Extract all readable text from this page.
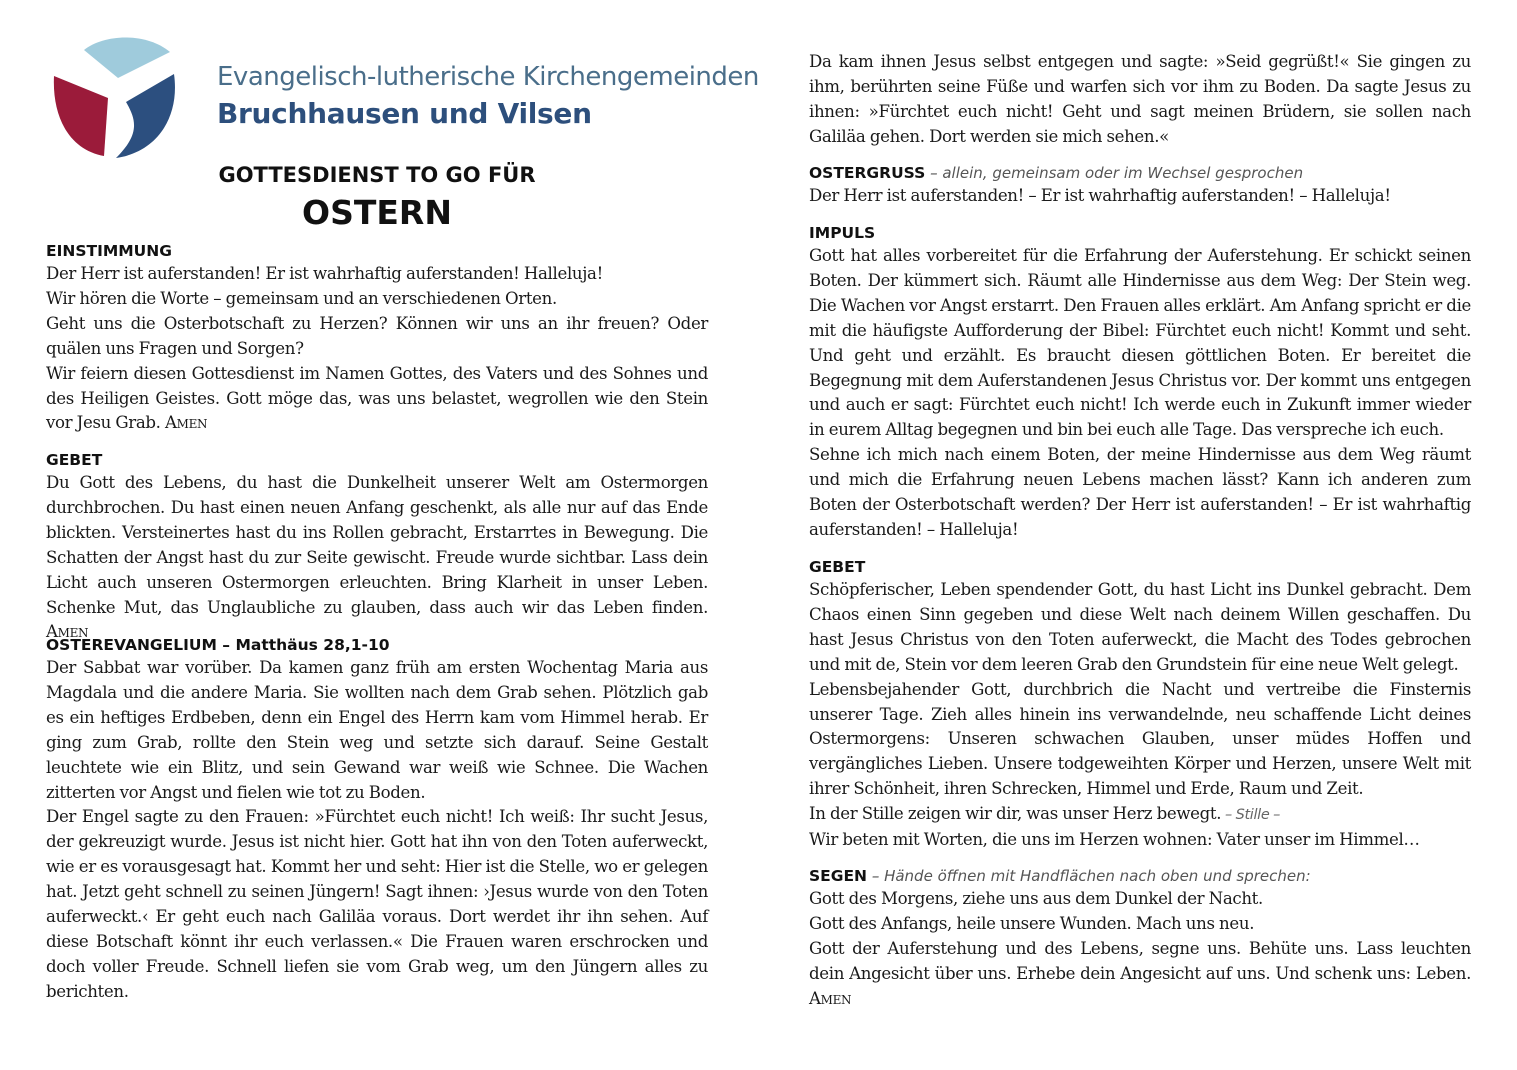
Evangelisch-lutherische Kirchengemeinden
Bruchhausen und Vilsen
GOTTESDIENST TO GO FÜR
OSTERN
EINSTIMMUNG

Der Herr ist auferstanden! Er ist wahrhaftig auferstanden! Halleluja!

Wir hören die Worte – gemeinsam und an verschiedenen Orten.

Geht uns die Osterbotschaft zu Herzen? Können wir uns an ihr freuen? Oder quälen uns Fragen und Sorgen?

Wir feiern diesen Gottesdienst im Namen Gottes, des Vaters und des Sohnes und des Heiligen Geistes. Gott möge das, was uns belastet, wegrollen wie den Stein vor Jesu Grab. Amen

GEBET

Du Gott des Lebens, du hast die Dunkelheit unserer Welt am Ostermorgen durchbrochen. Du hast einen neuen Anfang geschenkt, als alle nur auf das Ende blickten. Versteinertes hast du ins Rollen gebracht, Erstarrtes in Bewegung. Die Schatten der Angst hast du zur Seite gewischt. Freude wurde sichtbar. Lass dein Licht auch unseren Ostermorgen erleuchten. Bring Klarheit in unser Leben. Schenke Mut, das Unglaubliche zu glauben, dass auch wir das Leben finden. Amen

OSTEREVANGELIUM – Matthäus 28,1-10

Der Sabbat war vorüber. Da kamen ganz früh am ersten Wochentag Maria aus Magdala und die andere Maria. Sie wollten nach dem Grab sehen. Plötzlich gab es ein heftiges Erdbeben, denn ein Engel des Herrn kam vom Himmel herab. Er ging zum Grab, rollte den Stein weg und setzte sich darauf. Seine Gestalt leuchtete wie ein Blitz, und sein Gewand war weiß wie Schnee. Die Wachen zitterten vor Angst und fielen wie tot zu Boden.

Der Engel sagte zu den Frauen: »Fürchtet euch nicht! Ich weiß: Ihr sucht Jesus, der gekreuzigt wurde. Jesus ist nicht hier. Gott hat ihn von den Toten auferweckt, wie er es vorausgesagt hat. Kommt her und seht: Hier ist die Stelle, wo er gelegen hat. Jetzt geht schnell zu seinen Jüngern! Sagt ihnen: ›Jesus wurde von den Toten auferweckt.‹ Er geht euch nach Galiläa voraus. Dort werdet ihr ihn sehen. Auf diese Botschaft könnt ihr euch verlassen.« Die Frauen waren erschrocken und doch voller Freude. Schnell liefen sie vom Grab weg, um den Jüngern alles zu berichten.

Da kam ihnen Jesus selbst entgegen und sagte: »Seid gegrüßt!« Sie gingen zu ihm, berührten seine Füße und warfen sich vor ihm zu Boden. Da sagte Jesus zu ihnen: »Fürchtet euch nicht! Geht und sagt meinen Brüdern, sie sollen nach Galiläa gehen. Dort werden sie mich sehen.«

OSTERGRUSS – allein, gemeinsam oder im Wechsel gesprochen

Der Herr ist auferstanden! – Er ist wahrhaftig auferstanden! – Halleluja!

IMPULS

Gott hat alles vorbereitet für die Erfahrung der Auferstehung. Er schickt seinen Boten. Der kümmert sich. Räumt alle Hindernisse aus dem Weg: Der Stein weg. Die Wachen vor Angst erstarrt. Den Frauen alles erklärt. Am Anfang spricht er die mit die häufigste Aufforderung der Bibel: Fürchtet euch nicht! Kommt und seht. Und geht und erzählt. Es braucht diesen göttlichen Boten. Er bereitet die Begegnung mit dem Auferstandenen Jesus Christus vor. Der kommt uns entgegen und auch er sagt: Fürchtet euch nicht! Ich werde euch in Zukunft immer wieder in eurem Alltag begegnen und bin bei euch alle Tage. Das verspreche ich euch.

Sehne ich mich nach einem Boten, der meine Hindernisse aus dem Weg räumt und mich die Erfahrung neuen Lebens machen lässt? Kann ich anderen zum Boten der Osterbotschaft werden? Der Herr ist auferstanden! – Er ist wahrhaftig auferstanden! – Halleluja!

GEBET

Schöpferischer, Leben spendender Gott, du hast Licht ins Dunkel gebracht. Dem Chaos einen Sinn gegeben und diese Welt nach deinem Willen geschaffen. Du hast Jesus Christus von den Toten auferweckt, die Macht des Todes gebrochen und mit de, Stein vor dem leeren Grab den Grundstein für eine neue Welt gelegt.

Lebensbejahender Gott, durchbrich die Nacht und vertreibe die Finsternis unserer Tage. Zieh alles hinein ins verwandelnde, neu schaffende Licht deines Ostermorgens: Unseren schwachen Glauben, unser müdes Hoffen und vergängliches Lieben. Unsere todgeweihten Körper und Herzen, unsere Welt mit ihrer Schönheit, ihren Schrecken, Himmel und Erde, Raum und Zeit.

In der Stille zeigen wir dir, was unser Herz bewegt. – Stille –

Wir beten mit Worten, die uns im Herzen wohnen: Vater unser im Himmel…

SEGEN – Hände öffnen mit Handflächen nach oben und sprechen:

Gott des Morgens, ziehe uns aus dem Dunkel der Nacht.

Gott des Anfangs, heile unsere Wunden. Mach uns neu.

Gott der Auferstehung und des Lebens, segne uns. Behüte uns. Lass leuchten dein Angesicht über uns. Erhebe dein Angesicht auf uns. Und schenk uns: Leben. Amen
